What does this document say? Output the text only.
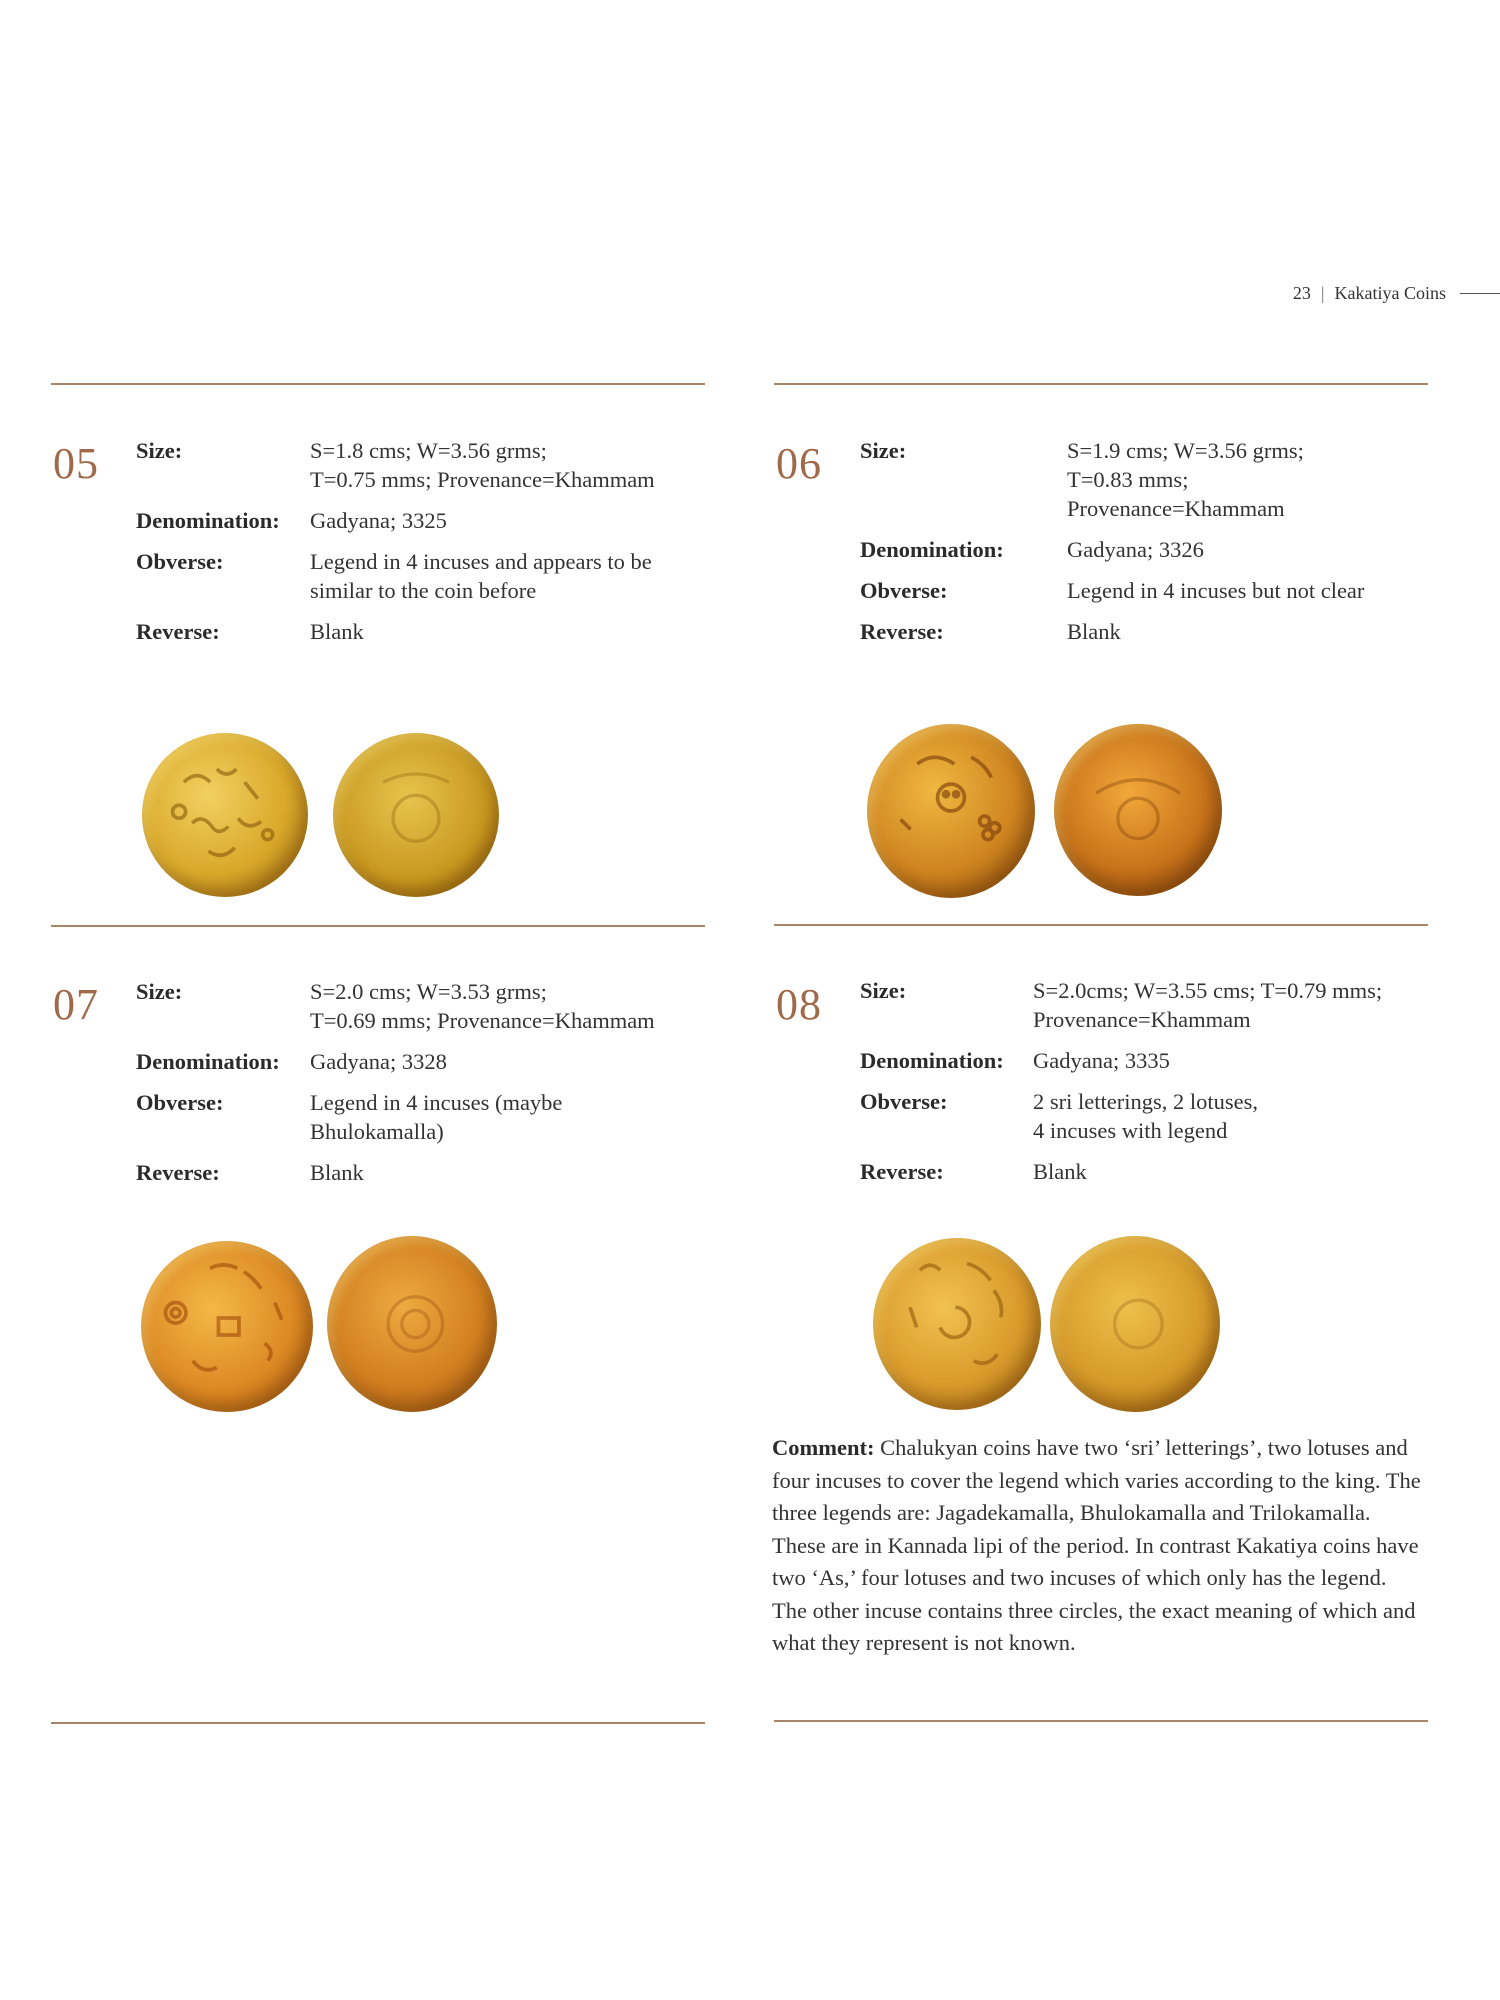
23 | Kakatiya Coins
05 Size:	S=1.8 cms; W=3.56 grms;
T=0.75 mms; Provenance=Khammam
Denomination:	Gadyana; 3325
Obverse:	Legend in 4 incuses and appears to be
similar to the coin before
Reverse:	Blank
06 Size:	S=1.9 cms; W=3.56 grms;
T=0.83 mms;
Provenance=Khammam
Denomination:	Gadyana; 3326
Obverse:	Legend in 4 incuses but not clear
Reverse:	Blank
07 Size:	S=2.0 cms; W=3.53 grms;
T=0.69 mms; Provenance=Khammam
Denomination:	Gadyana; 3328
Obverse:	Legend in 4 incuses (maybe
Bhulokamalla)
Reverse:	Blank
08 Size:	S=2.0cms; W=3.55 cms; T=0.79 mms;
Provenance=Khammam
Denomination:	Gadyana; 3335
Obverse:	2 sri letterings, 2 lotuses,
4 incuses with legend
Reverse:	Blank

Comment: Chalukyan coins have two ‘sri’ letterings’, two lotuses and four incuses to cover the legend which varies according to the king. The three legends are: Jagadekamalla, Bhulokamalla and Trilokamalla. These are in Kannada lipi of the period. In contrast Kakatiya coins have two ‘As,’ four lotuses and two incuses of which only has the legend. The other incuse contains three circles, the exact meaning of which and what they represent is not known.
